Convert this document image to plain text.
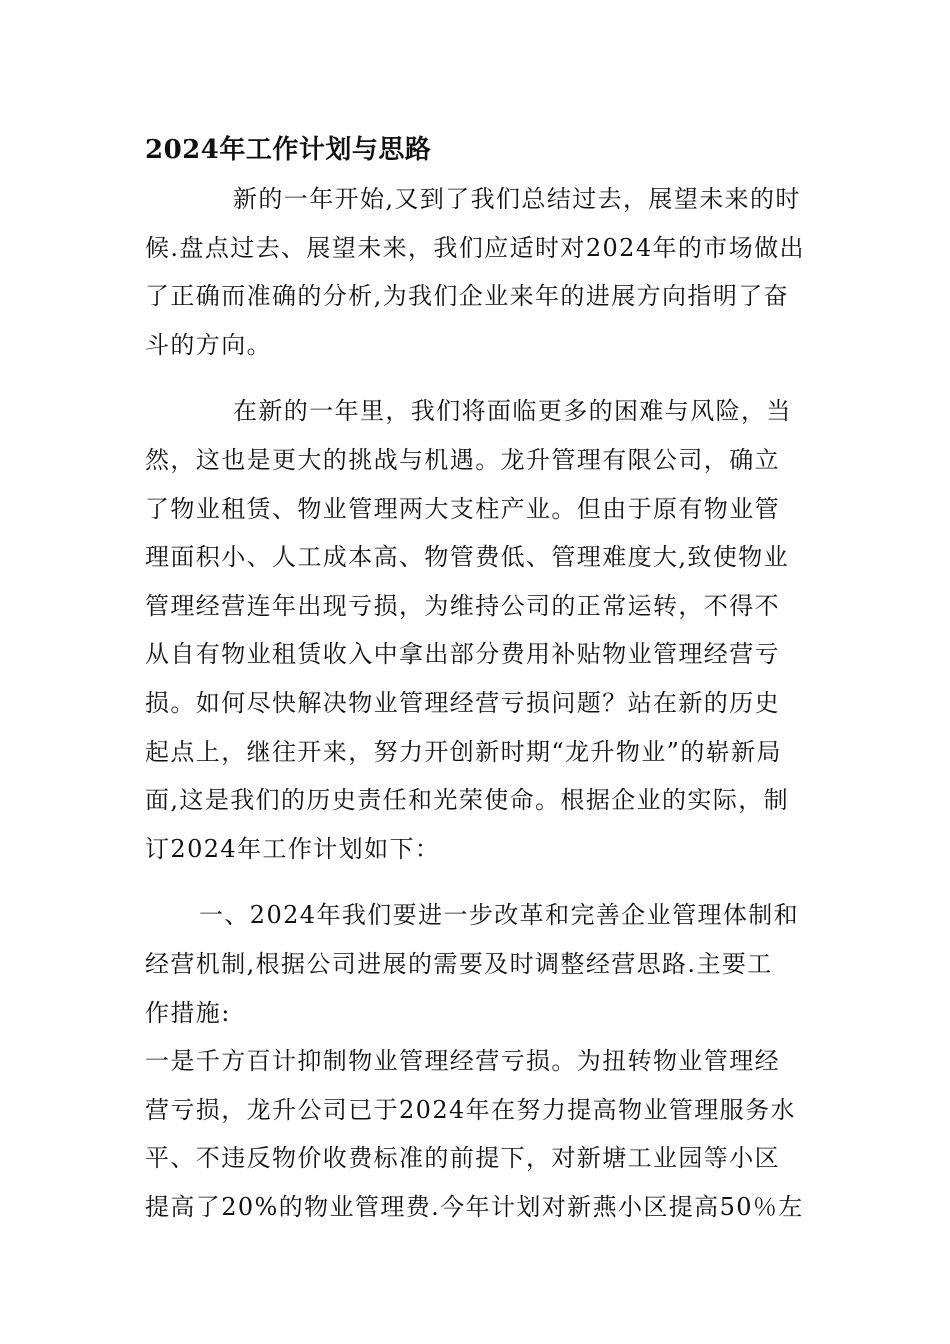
2024年工作计划与思路
新的一年开始,又到了我们总结过去，展望未来的时
候.盘点过去、展望未来，我们应适时对2024年的市场做出
了正确而准确的分析,为我们企业来年的进展方向指明了奋
斗的方向。
在新的一年里，我们将面临更多的困难与风险，当
然，这也是更大的挑战与机遇。龙升管理有限公司，确立
了物业租赁、物业管理两大支柱产业。但由于原有物业管
理面积小、人工成本高、物管费低、管理难度大,致使物业
管理经营连年出现亏损，为维持公司的正常运转，不得不
从自有物业租赁收入中拿出部分费用补贴物业管理经营亏
损。如何尽快解决物业管理经营亏损问题？站在新的历史
起点上，继往开来，努力开创新时期“龙升物业”的崭新局
面,这是我们的历史责任和光荣使命。根据企业的实际，制
订2024年工作计划如下：
一、2024年我们要进一步改革和完善企业管理体制和
经营机制,根据公司进展的需要及时调整经营思路.主要工
作措施:
一是千方百计抑制物业管理经营亏损。为扭转物业管理经
营亏损，龙升公司已于2024年在努力提高物业管理服务水
平、不违反物价收费标准的前提下，对新塘工业园等小区
提高了20%的物业管理费.今年计划对新燕小区提高50％左
